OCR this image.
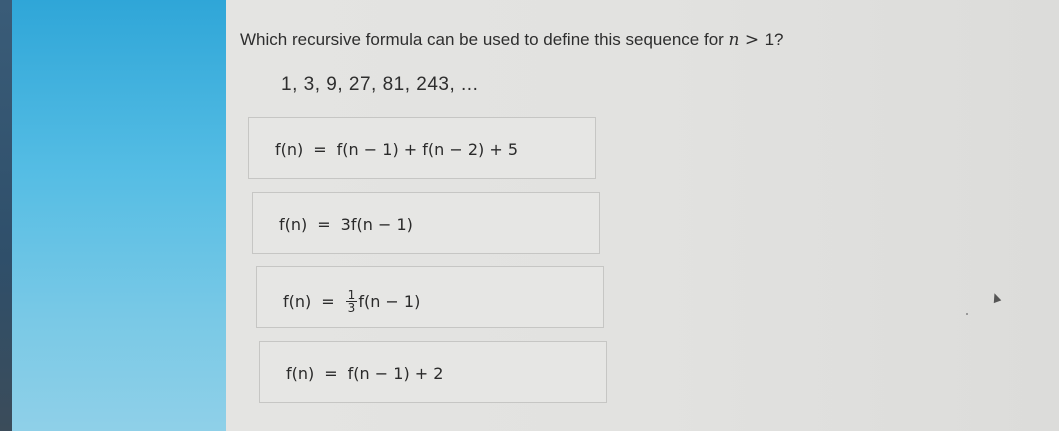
Which recursive formula can be used to define this sequence for n > 1?
1, 3, 9, 27, 81, 243, ...
f(n) = f(n − 1) + f(n − 2) + 5
f(n) = 3f(n − 1)
$f(n) = \frac{1}{3} f(n - 1)$
f(n) = f(n − 1) + 2
